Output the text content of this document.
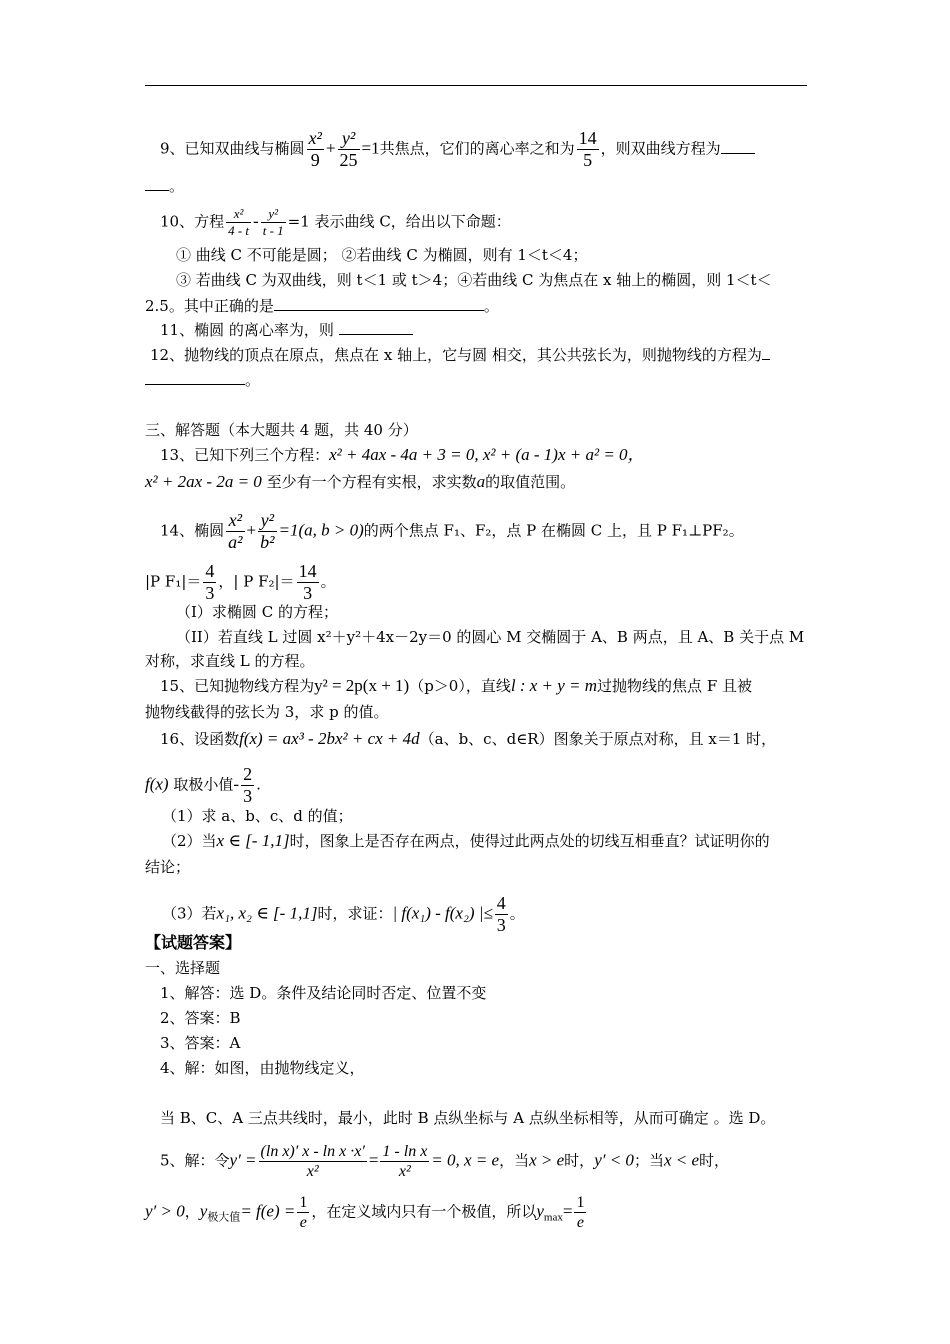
9、已知双曲线与椭圆 $\frac{\text{x²}}{9} + \frac{\text{y²}}{25} =1$共焦点，它们的离心率之和为 $\frac{14}{5}$ ，则双曲线方程为
。
10、方程 $\frac{\text{x²}}{4 - t} - \frac{\text{y²}}{t - 1} =1$ 表示曲线 C，给出以下命题：
① 曲线 C 不可能是圆； ②若曲线 C 为椭圆，则有 1＜t＜4；
③ 若曲线 C 为双曲线，则 t＜1 或 t＞4；④若曲线 C 为焦点在 x 轴上的椭圆，则 1＜t＜
2.5。其中正确的是	。
11、椭圆 的离心率为，则
12、抛物线的顶点在原点，焦点在 x 轴上，它与圆 相交，其公共弦长为，则抛物线的方程为
。
三、解答题（本大题共 4 题，共 40 分）
13、已知下列三个方程：x² + 4ax - 4a + 3 = 0, x² + (a - 1)x + a² = 0，
x² + 2ax - 2a = 0 至少有一个方程有实根，求实数a的取值范围。
14、椭圆 $\frac{\text{x²}}{\text{a²}} + \frac{\text{y²}}{\text{b²}} =1(a$, b > 0)的两个焦点 F₁、F₂，点 P 在椭圆 C 上，且 P F₁⊥PF₂。
|P $F_1|= \frac{4}{3}$ ，| P $F_2|= \frac{14}{3}$ 。
（I）求椭圆 C 的方程；
（II）若直线 L 过圆 x²＋y²＋4x－2y＝0 的圆心 M 交椭圆于 A、B 两点，且 A、B 关于点 M
对称，求直线 L 的方程。
15、已知抛物线方程为y² = 2p(x + 1)（p＞0），直线l : x + y = m过抛物线的焦点 F 且被
抛物线截得的弦长为 3，求 p 的值。
16、设函数f(x) = ax³ - 2bx² + cx + 4d（a、b、c、d∈R）图象关于原点对称，且 x＝1 时，
f(x) 取极小值- $\frac{2}{3}$ .
（1）求 a、b、c、d 的值；
（2）当x ∈ [- 1,1]时，图象上是否存在两点，使得过此两点处的切线互相垂直？试证明你的
结论；
（3）若x₁, x₂ ∈ [- 1,1]时，求证：| f(x₁) - f(x₂) |≤ $\frac{4}{3}$ 。
【试题答案】
一、选择题
1、解答：选 D。条件及结论同时否定、位置不变
2、答案：B
3、答案：A
4、解：如图，由抛物线定义，
当 B、C、A 三点共线时，最小，此时 B 点纵坐标与 A 点纵坐标相等，从而可确定 。选 D。
5、解：令$y' = \frac{\text{(ln x)′ x - ln x ·x′}}{\text{x²}} = \frac{\text{1 - ln x}}{\text{x²}} = 0$, x = e，当x > e时，y′ < 0；当x < e时，
y′ > 0，$y_{极大值}= f(e) = \frac{1}{e}$ ，在定义域内只有一个极值，所以$y_{max}= \frac{1}{e}$
